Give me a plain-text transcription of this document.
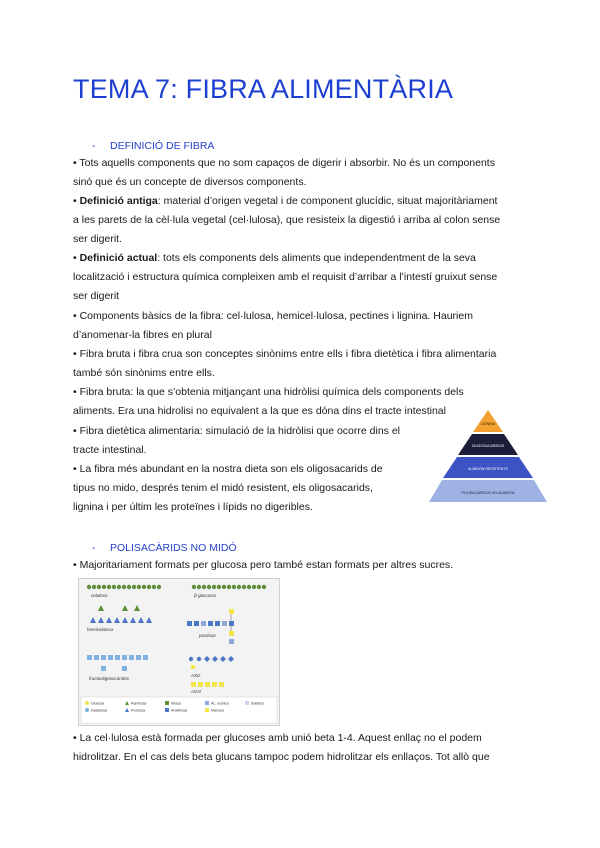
TEMA 7: FIBRA ALIMENTÀRIA

- DEFINICIÓ DE FIBRA

• Tots aquells components que no som capaços de digerir i absorbir. No és un components
sinó que és un concepte de diversos components.
• Definició antiga: material d’origen vegetal i de component glucídic, situat majoritàriament
a les parets de la cèl·lula vegetal (cel·lulosa), que resisteix la digestió i arriba al colon sense
ser digerit.
• Definició actual: tots els components dels aliments que independentment de la seva
localització i estructura química compleixen amb el requisit d’arribar a l’intestí gruixut sense
ser digerit
• Components bàsics de la fibra: cel·lulosa, hemicel·lulosa, pectines i lignina. Hauriem
d’anomenar-la fibres en plural
• Fibra bruta i fibra crua son conceptes sinònims entre ells i fibra dietètica i fibra alimentaria
també són sinònims entre ells.
• Fibra bruta: la que s’obtenia mitjançant una hidròlisi química dels components dels
aliments. Era una hidrolisi no equivalent a la que es dóna dins el tracte intestinal
• Fibra dietètica alimentaria: simulació de la hidròlisi que ocorre dins el
tracte intestinal.
• La fibra més abundant en la nostra dieta son els oligosacarids de
tipus no mido, després tenim el midó resistent, els oligosacarids,
lignina i per últim les proteïnes i lípids no digeribles.
LIGNINA
OLIGOSACARIDOS
ALMIDÓN RESISTENTE
POLISACÁRIDOS NO ALMIDÓN

- POLISACÀRIDS NO MIDÓ

• Majoritariament formats per glucosa pero també estan formats per altres sucres.
celulosa	β-glucanos
hemicelulosa
pectinas
fructooligosacáridos
AXG
AGN
Glucosa
Galactosa
Ramnosa
Fructosa
Xilosa
Arabinosa
Ác. urónico
Manosa
Sulfatos
• La cel·lulosa està formada per glucoses amb unió beta 1-4. Aquest enllaç no el podem
hidrolitzar. En el cas dels beta glucans tampoc podem hidrolitzar els enllaços. Tot allò que
